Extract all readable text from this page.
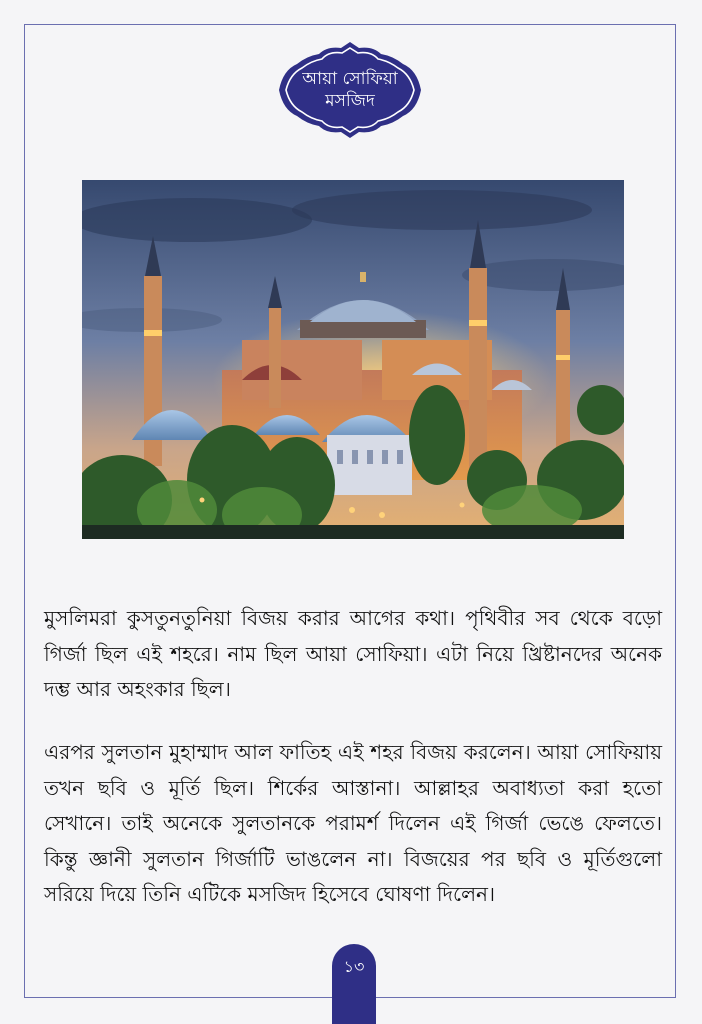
আয়া সোফিয়া
মসজিদ

মুসলিমরা কুসতুনতুনিয়া বিজয় করার আগের কথা। পৃথিবীর সব থেকে বড়ো গির্জা ছিল এই শহরে। নাম ছিল আয়া সোফিয়া। এটা নিয়ে খ্রিষ্টানদের অনেক দম্ভ আর অহংকার ছিল।

এরপর সুলতান মুহাম্মাদ আল ফাতিহ এই শহর বিজয় করলেন। আয়া সোফিয়ায় তখন ছবি ও মূর্তি ছিল। শির্কের আস্তানা। আল্লাহর অবাধ্যতা করা হতো সেখানে। তাই অনেকে সুলতানকে পরামর্শ দিলেন এই গির্জা ভেঙে ফেলতে। কিন্তু জ্ঞানী সুলতান গির্জাটি ভাঙলেন না। বিজয়ের পর ছবি ও মূর্তিগুলো সরিয়ে দিয়ে তিনি এটিকে মসজিদ হিসেবে ঘোষণা দিলেন।

১৩
